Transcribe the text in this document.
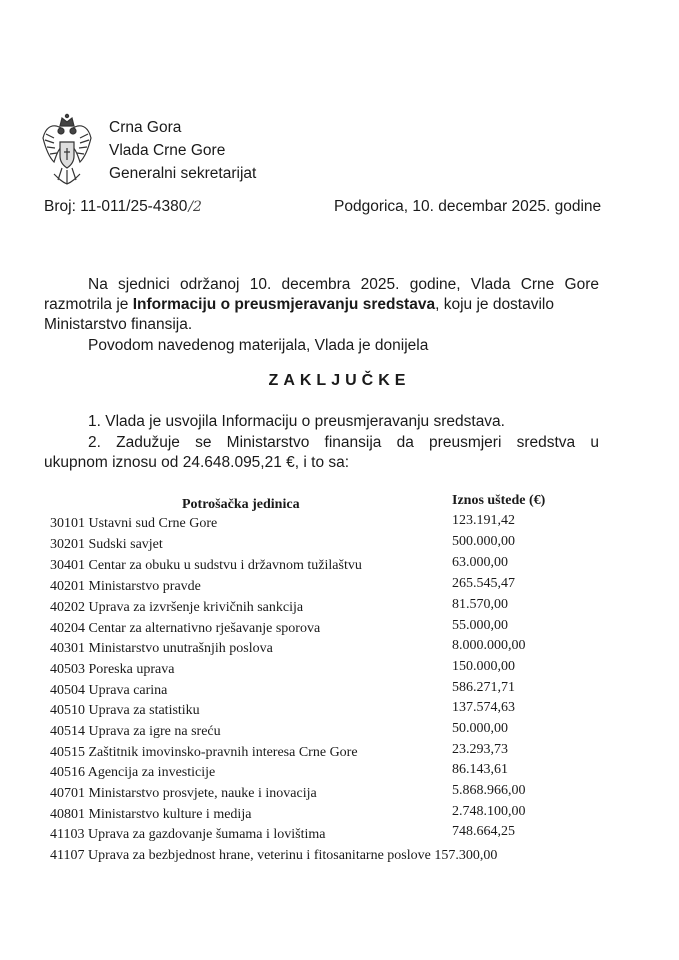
Crna Gora
Vlada Crne Gore
Generalni sekretarijat
Broj: 11-011/25-4380/2	Podgorica, 10. decembar 2025. godine
Na sjednici održanoj 10. decembra 2025. godine, Vlada Crne Gore
razmotrila je Informaciju o preusmjeravanju sredstava, koju je dostavilo
Ministarstvo finansija.
Povodom navedenog materijala, Vlada je donijela
ZAKLJUČKE
1. Vlada je usvojila Informaciju o preusmjeravanju sredstava.
2. Zadužuje se Ministarstvo finansija da preusmjeri sredstva u
ukupnom iznosu od 24.648.095,21 €, i to sa:
Potrošačka jedinica	Iznos uštede (€)
30101 Ustavni sud Crne Gore	123.191,42
30201 Sudski savjet	500.000,00
30401 Centar za obuku u sudstvu i državnom tužilaštvu	63.000,00
40201 Ministarstvo pravde	265.545,47
40202 Uprava za izvršenje krivičnih sankcija	81.570,00
40204 Centar za alternativno rješavanje sporova	55.000,00
40301 Ministarstvo unutrašnjih poslova	8.000.000,00
40503 Poreska uprava	150.000,00
40504 Uprava carina	586.271,71
40510 Uprava za statistiku	137.574,63
40514 Uprava za igre na sreću	50.000,00
40515 Zaštitnik imovinsko-pravnih interesa Crne Gore	23.293,73
40516 Agencija za investicije	86.143,61
40701 Ministarstvo prosvjete, nauke i inovacija	5.868.966,00
40801 Ministarstvo kulture i medija	2.748.100,00
41103 Uprava za gazdovanje šumama i lovištima	748.664,25
41107 Uprava za bezbjednost hrane, veterinu i fitosanitarne poslove 157.300,00
